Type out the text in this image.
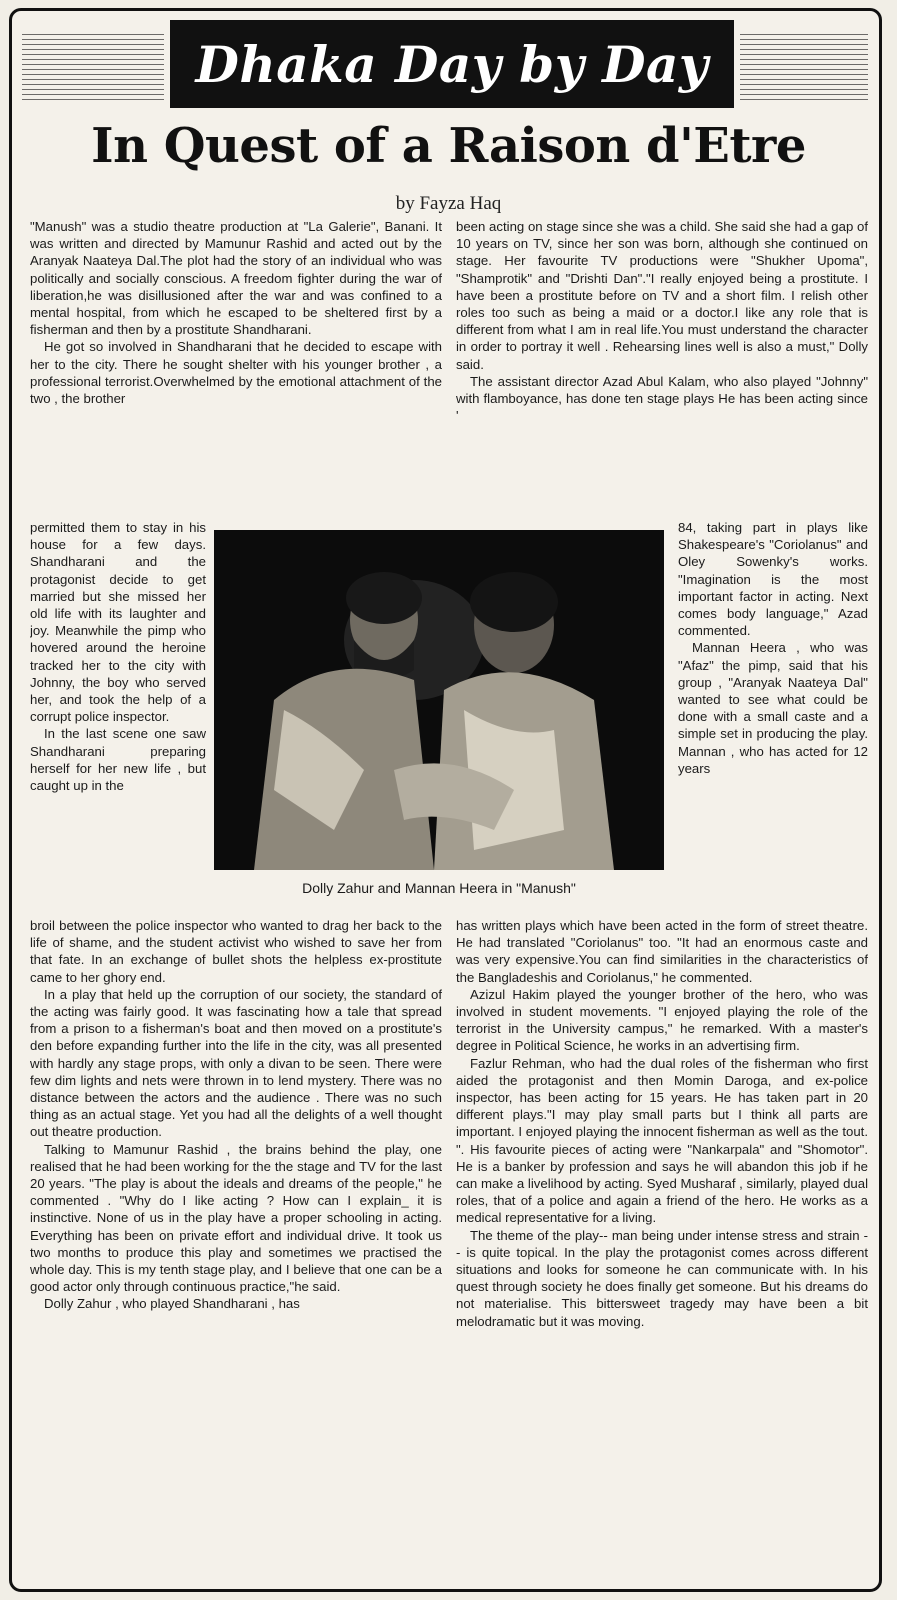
Dhaka Day by Day
In Quest of a Raison d'Etre
by Fayza Haq

"Manush" was a studio theatre production at "La Galerie", Banani. It was written and directed by Mamunur Rashid and acted out by the Aranyak Naateya Dal.The plot had the story of an individual who was politically and socially conscious. A freedom fighter during the war of liberation,he was disillusioned after the war and was confined to a mental hospital, from which he escaped to be sheltered first by a fisherman and then by a prostitute Shandharani.

He got so involved in Shandharani that he decided to escape with her to the city. There he sought shelter with his younger brother , a professional terrorist.Overwhelmed by the emotional attachment of the two , the brother

been acting on stage since she was a child. She said she had a gap of 10 years on TV, since her son was born, although she continued on stage. Her favourite TV productions were "Shukher Upoma", "Shamprotik" and "Drishti Dan"."I really enjoyed being a prostitute. I have been a prostitute before on TV and a short film. I relish other roles too such as being a maid or a doctor.I like any role that is different from what I am in real life.You must understand the character in order to portray it well . Rehearsing lines well is also a must," Dolly said.

The assistant director Azad Abul Kalam, who also played "Johnny" with flamboyance, has done ten stage plays He has been acting since '

permitted them to stay in his house for a few days. Shandharani and the protagonist decide to get married but she missed her old life with its laughter and joy. Meanwhile the pimp who hovered around the heroine tracked her to the city with Johnny, the boy who served her, and took the help of a corrupt police inspector.

In the last scene one saw Shandharani preparing herself for her new life , but caught up in the

84, taking part in plays like Shakespeare's "Coriolanus" and Oley Sowenky's works. "Imagination is the most important factor in acting. Next comes body language," Azad commented.

Mannan Heera , who was "Afaz" the pimp, said that his group , "Aranyak Naateya Dal" wanted to see what could be done with a small caste and a simple set in producing the play. Mannan , who has acted for 12 years

Dolly Zahur and Mannan Heera in "Manush"

broil between the police inspector who wanted to drag her back to the life of shame, and the student activist who wished to save her from that fate. In an exchange of bullet shots the helpless ex-prostitute came to her ghory end.

In a play that held up the corruption of our society, the standard of the acting was fairly good. It was fascinating how a tale that spread from a prison to a fisherman's boat and then moved on a prostitute's den before expanding further into the life in the city, was all presented with hardly any stage props, with only a divan to be seen. There were few dim lights and nets were thrown in to lend mystery. There was no distance between the actors and the audience . There was no such thing as an actual stage. Yet you had all the delights of a well thought out theatre production.

Talking to Mamunur Rashid , the brains behind the play, one realised that he had been working for the the stage and TV for the last 20 years. "The play is about the ideals and dreams of the people," he commented . "Why do I like acting ? How can I explain_ it is instinctive. None of us in the play have a proper schooling in acting. Everything has been on private effort and individual drive. It took us two months to produce this play and sometimes we practised the whole day. This is my tenth stage play, and I believe that one can be a good actor only through continuous practice,"he said.

Dolly Zahur , who played Shandharani , has

has written plays which have been acted in the form of street theatre. He had translated "Coriolanus" too. "It had an enormous caste and was very expensive.You can find similarities in the characteristics of the Bangladeshis and Coriolanus," he commented.

Azizul Hakim played the younger brother of the hero, who was involved in student movements. "I enjoyed playing the role of the terrorist in the University campus," he remarked. With a master's degree in Political Science, he works in an advertising firm.

Fazlur Rehman, who had the dual roles of the fisherman who first aided the protagonist and then Momin Daroga, and ex-police inspector, has been acting for 15 years. He has taken part in 20 different plays."I may play small parts but I think all parts are important. I enjoyed playing the innocent fisherman as well as the tout. ". His favourite pieces of acting were "Nankarpala" and "Shomotor". He is a banker by profession and says he will abandon this job if he can make a livelihood by acting. Syed Musharaf , similarly, played dual roles, that of a police and again a friend of the hero. He works as a medical representative for a living.

The theme of the play-- man being under intense stress and strain -- is quite topical. In the play the protagonist comes across different situations and looks for someone he can communicate with. In his quest through society he does finally get someone. But his dreams do not materialise. This bittersweet tragedy may have been a bit melodramatic but it was moving.
